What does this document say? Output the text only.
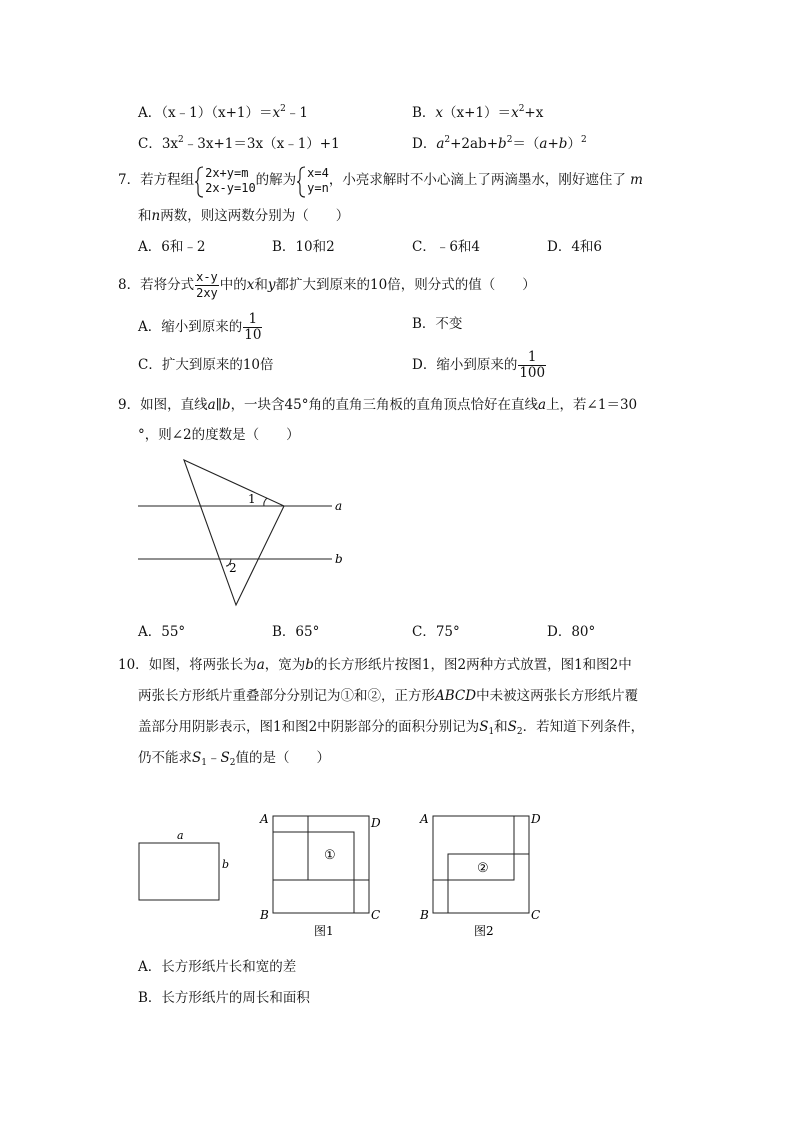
A．$(x﹣1)(x+1)=x^2﹣1$	B．$x(x+1)=x^2+x$
C．$3x^2﹣3x+1=3x(x﹣1)+1$	D．$a^2+2ab+b^2=(a+b)^2$
7．若方程组 2x+y=m
2x-y=10 的解为 x=4
y=n ，小亮求解时不小心滴上了两滴墨水，刚好遮住了 m
和n两数，则这两数分别为（　　）
A．6和﹣2	B．10和2	C．﹣6和4	D．4和6
8．若将分式 $\frac{x-y}{2xy}$ 中的x和y都扩大到原来的10倍，则分式的值（　　）
A．缩小到原来的 $\frac{1}{10}$	B．不变
C．扩大到原来的10倍	D．缩小到原来的 $\frac{1}{100}$
9．如图，直线a∥b，一块含45°角的直角三角板的直角顶点恰好在直线a上，若∠1＝30
°，则∠2的度数是（　　）
1
2
a
b
A．55°	B．65°	C．75°	D．80°
10．如图，将两张长为a，宽为b的长方形纸片按图1，图2两种方式放置，图1和图2中
两张长方形纸片重叠部分分别记为①和②，正方形ABCD中未被这两张长方形纸片覆
盖部分用阴影表示，图1和图2中阴影部分的面积分别记为$S_1$和$S_2$．若知道下列条件，
仍不能求$S_1﹣S_2$值的是（　　）
a
b
①
A	D
B	C
图1
②
A	D
B	C
图2
A．长方形纸片长和宽的差
B．长方形纸片的周长和面积
